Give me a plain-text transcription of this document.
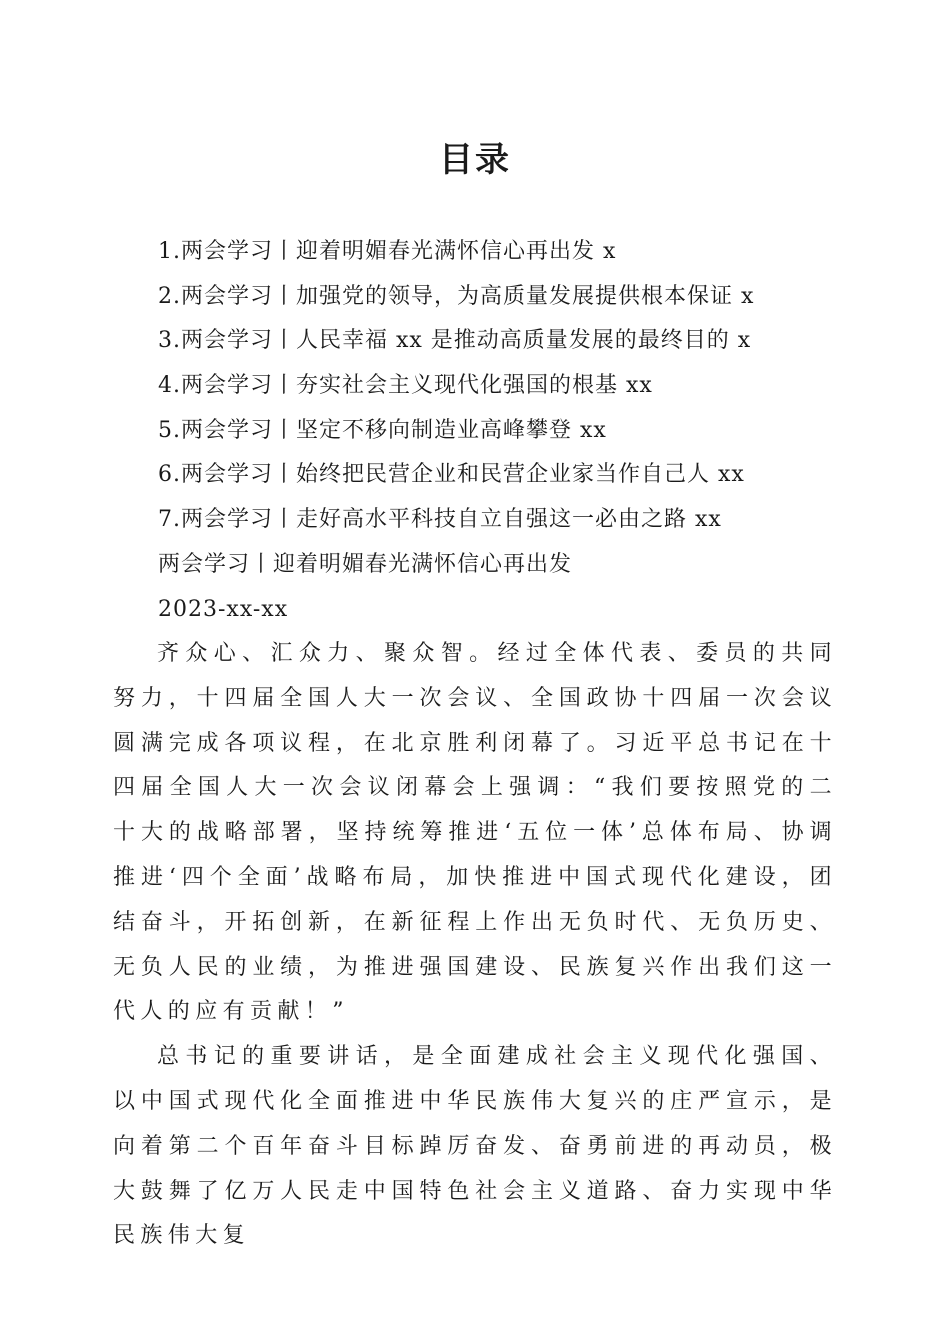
目录
1.两会学习丨迎着明媚春光满怀信心再出发 x
2.两会学习丨加强党的领导，为高质量发展提供根本保证 x
3.两会学习丨人民幸福 xx 是推动高质量发展的最终目的 x
4.两会学习丨夯实社会主义现代化强国的根基 xx
5.两会学习丨坚定不移向制造业高峰攀登 xx
6.两会学习丨始终把民营企业和民营企业家当作自己人 xx
7.两会学习丨走好高水平科技自立自强这一必由之路 xx
两会学习丨迎着明媚春光满怀信心再出发
2023-xx-xx

齐众心、汇众力、聚众智。经过全体代表、委员的共同努力，十四届全国人大一次会议、全国政协十四届一次会议圆满完成各项议程，在北京胜利闭幕了。习近平总书记在十四届全国人大一次会议闭幕会上强调：“我们要按照党的二十大的战略部署，坚持统筹推进‘五位一体’总体布局、协调推进‘四个全面’战略布局，加快推进中国式现代化建设，团结奋斗，开拓创新，在新征程上作出无负时代、无负历史、无负人民的业绩，为推进强国建设、民族复兴作出我们这一代人的应有贡献！”

总书记的重要讲话，是全面建成社会主义现代化强国、以中国式现代化全面推进中华民族伟大复兴的庄严宣示，是向着第二个百年奋斗目标踔厉奋发、奋勇前进的再动员，极大鼓舞了亿万人民走中国特色社会主义道路、奋力实现中华民族伟大复
